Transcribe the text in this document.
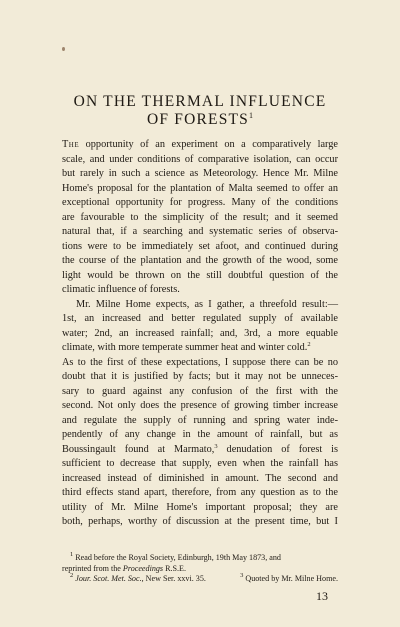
ON THE THERMAL INFLUENCE
OF FORESTS$^1$

The opportunity of an experiment on a comparatively large

scale, and under conditions of comparative isolation, can occur

but rarely in such a science as Meteorology. Hence Mr. Milne

Home's proposal for the plantation of Malta seemed to offer an

exceptional opportunity for progress. Many of the conditions

are favourable to the simplicity of the result; and it seemed

natural that, if a searching and systematic series of observa-

tions were to be immediately set afoot, and continued during

the course of the plantation and the growth of the wood, some

light would be thrown on the still doubtful question of the

climatic influence of forests.

Mr. Milne Home expects, as I gather, a threefold result:—

1st, an increased and better regulated supply of available

water; 2nd, an increased rainfall; and, 3rd, a more equable

climate, with more temperate summer heat and winter cold.$^2$

As to the first of these expectations, I suppose there can be no

doubt that it is justified by facts; but it may not be unneces-

sary to guard against any confusion of the first with the

second. Not only does the presence of growing timber increase

and regulate the supply of running and spring water inde-

pendently of any change in the amount of rainfall, but as

Boussingault found at Marmato,$^3$ denudation of forest is

sufficient to decrease that supply, even when the rainfall has

increased instead of diminished in amount. The second and

third effects stand apart, therefore, from any question as to the

utility of Mr. Milne Home's important proposal; they are

both, perhaps, worthy of discussion at the present time, but I

$^1$ Read before the Royal Society, Edinburgh, 19th May 1873, and

reprinted from the Proceedings R.S.E.

$^2$ Jour. Scot. Met. Soc., New Ser. xxvi. 35.	$^3$ Quoted by Mr. Milne Home.

13
